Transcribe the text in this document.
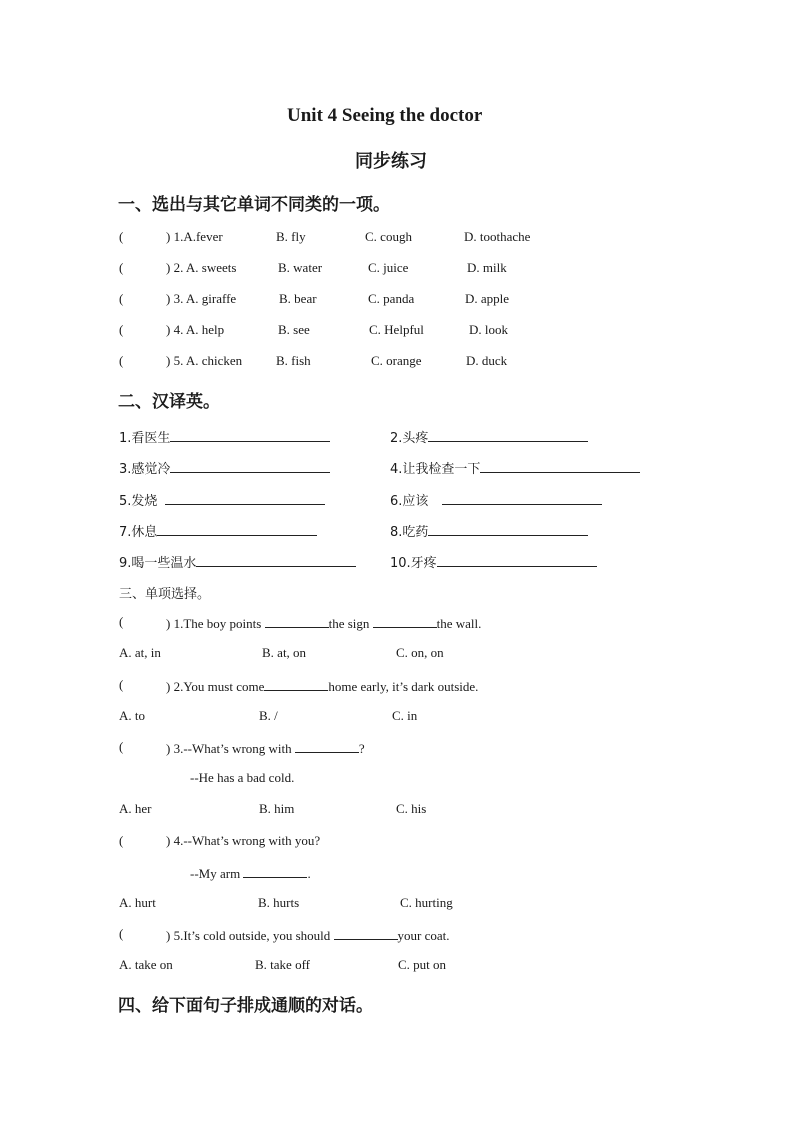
Unit 4 Seeing the doctor
同步练习
一、选出与其它单词不同类的一项。
(	) 1.A.fever	B. fly	C. cough	D. toothache
(	) 2. A. sweets	B. water	C. juice	D. milk
(	) 3. A. giraffe	B. bear	C. panda	D. apple
(	) 4. A. help	B. see	C. Helpful	D. look
(	) 5. A. chicken	B. fish	C. orange	D. duck
二、汉译英。
1.看医生	2.头疼
3.感觉冷	4.让我检查一下
5.发烧	6.应该
7.休息	8.吃药
9.喝一些温水	10.牙疼
三、单项选择。
(	) 1.The boy points	the sign	the wall.
A. at, in	B. at, on	C. on, on
(	) 2.You must come	home early, it’s dark outside.
A. to	B. /	C. in
(	) 3.--What’s wrong with	?
--He has a bad cold.
A. her	B. him	C. his
(	) 4.--What’s wrong with you?
--My arm	.
A. hurt	B. hurts	C. hurting
(	) 5.It’s cold outside, you should	your coat.
A. take on	B. take off	C. put on
四、给下面句子排成通顺的对话。
